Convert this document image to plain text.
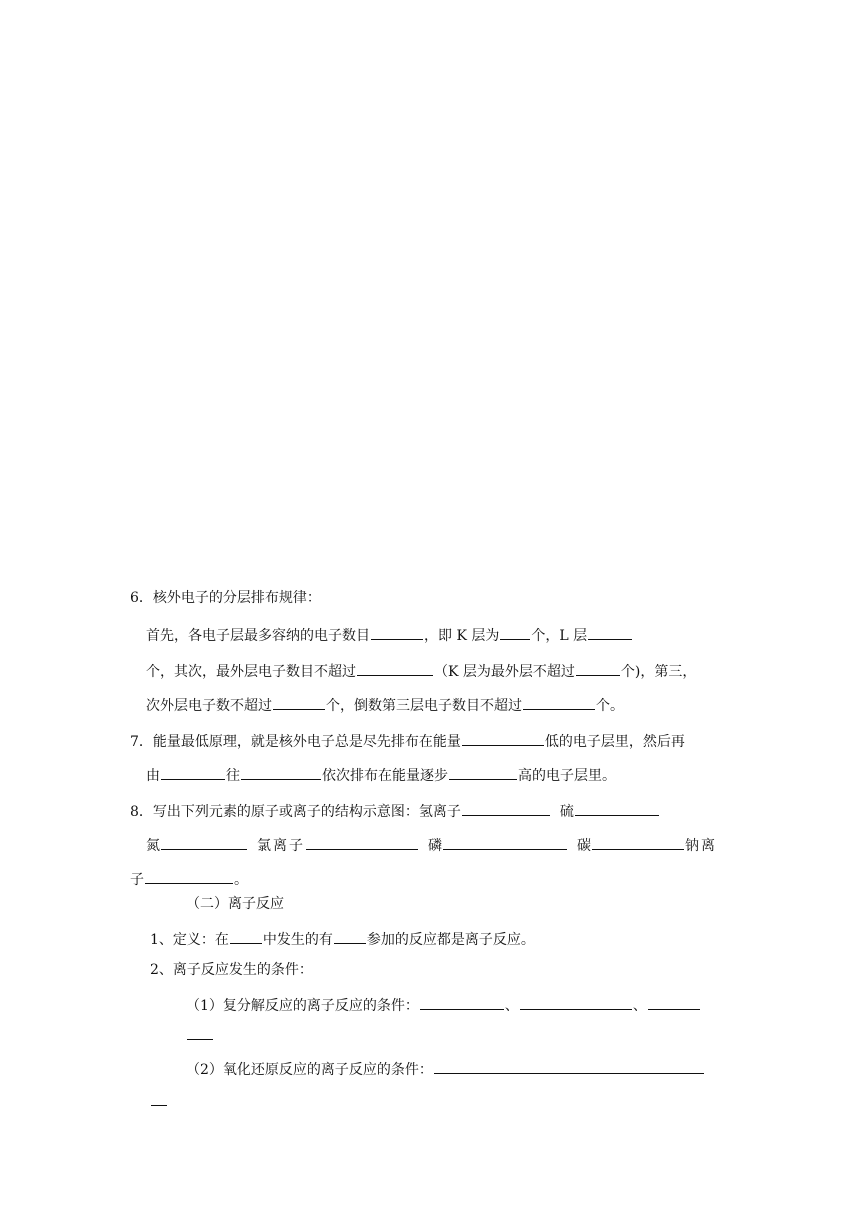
6．核外电子的分层排布规律：
首先，各电子层最多容纳的电子数目	，即 K 层为 个，L 层
个，其次，最外层电子数目不超过	（K 层为最外层不超过	个)，第三，
次外层电子数不超过	个，倒数第三层电子数目不超过	个。
7．能量最低原理，就是核外电子总是尽先排布在能量	低的电子层里，然后再
由	往	依次排布在能量逐步	高的电子层里。
8．写出下列元素的原子或离子的结构示意图：氢离子	硫
氮	氯离子	磷	碳	钠离
子	。
（二）离子反应
1、定义：在 中发生的有 参加的反应都是离子反应。
2、离子反应发生的条件：
（1）复分解反应的离子反应的条件：	、	、
（2）氧化还原反应的离子反应的条件：
